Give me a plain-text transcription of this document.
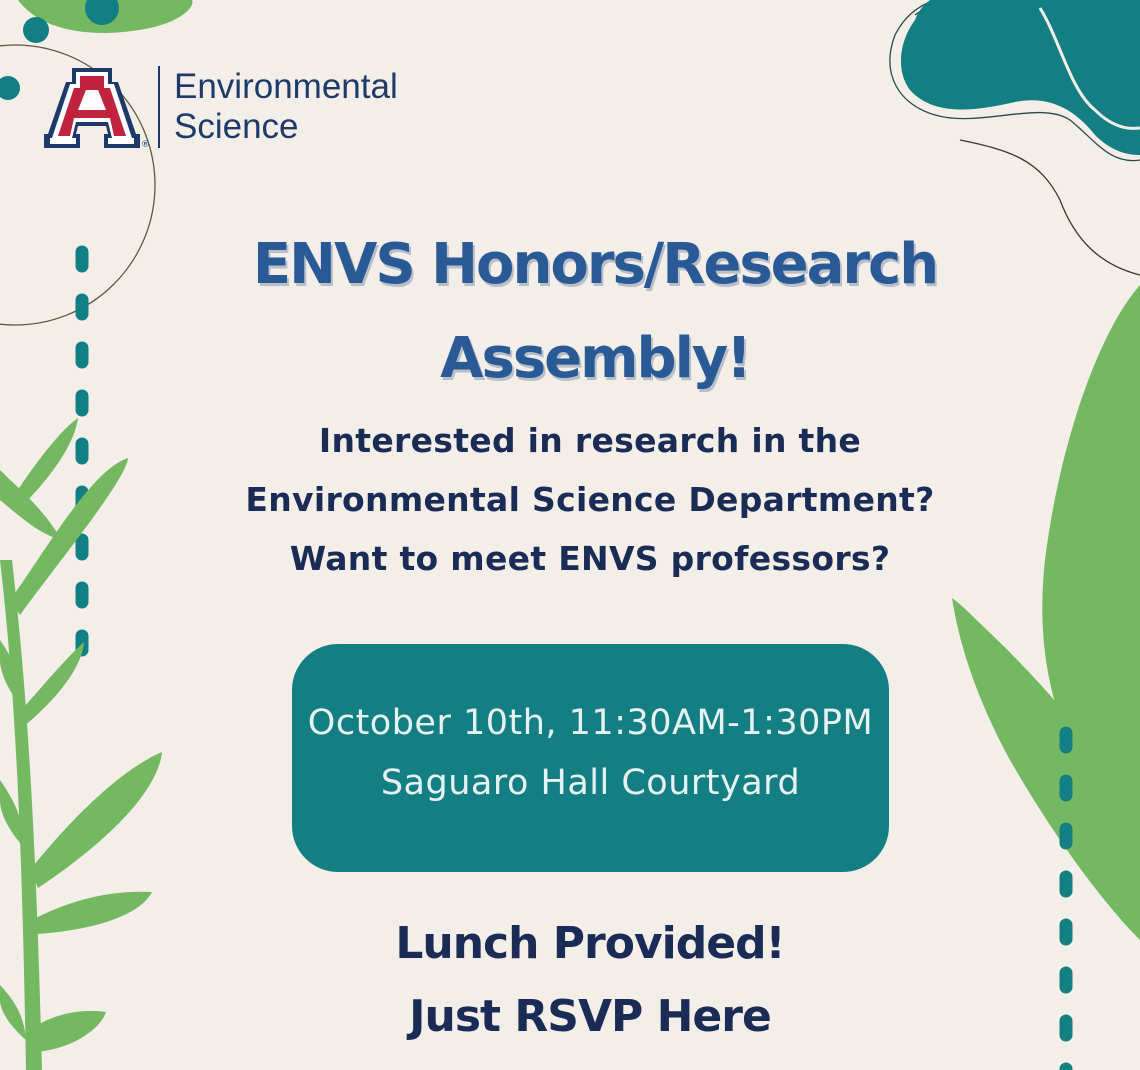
®
Environmental
Science
ENVS Honors/Research
Assembly!
Interested in research in the
Environmental Science Department?
Want to meet ENVS professors?
October 10th, 11:30AM-1:30PM
Saguaro Hall Courtyard
Lunch Provided!
Just RSVP Here
